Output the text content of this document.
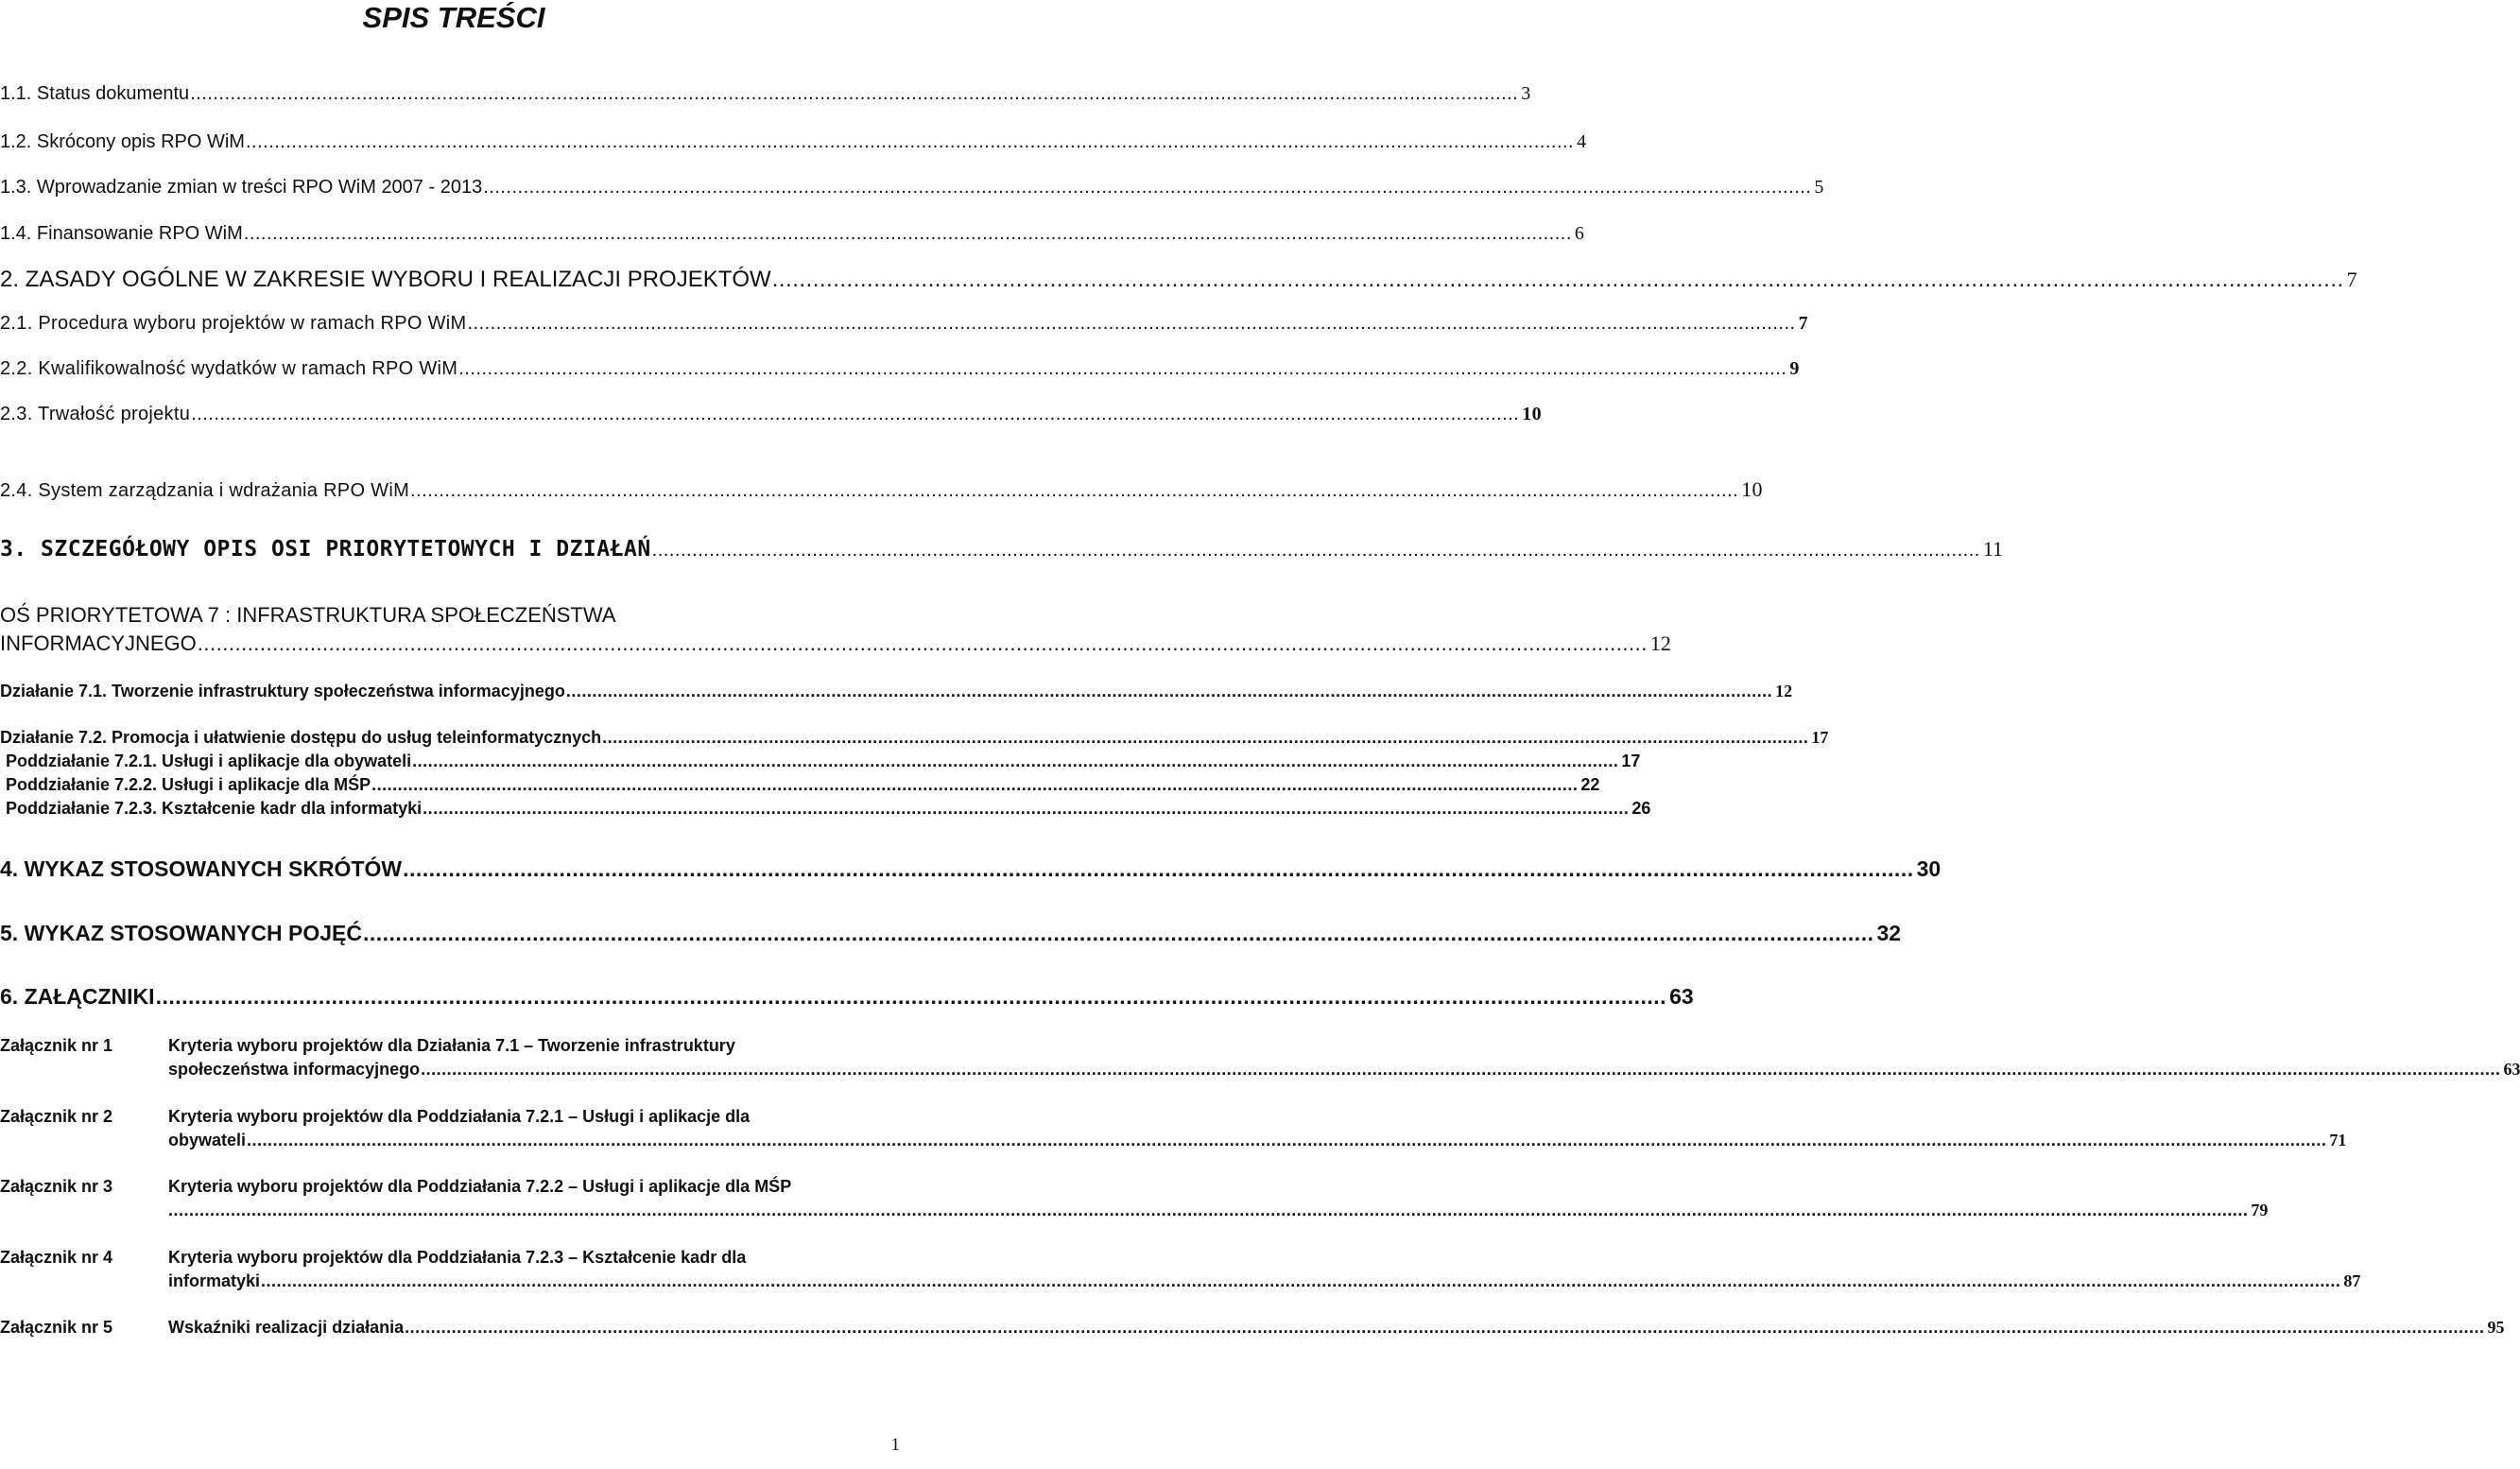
SPIS TREŚCI
1.1. Status dokumentu .....	3
1.2. Skrócony opis RPO WiM .....	4
1.3. Wprowadzanie zmian w treści RPO WiM 2007 - 2013 .....	5
1.4. Finansowanie RPO WiM .....	6
2. ZASADY OGÓLNE W ZAKRESIE WYBORU I REALIZACJI PROJEKTÓW .....	7
2.1. Procedura wyboru projektów w ramach RPO WiM .....	7
2.2. Kwalifikowalność wydatków w ramach RPO WiM .....	9
2.3. Trwałość projektu .....	10
2.4. System zarządzania i wdrażania RPO WiM .....	10
3. SZCZEGÓŁOWY OPIS OSI PRIORYTETOWYCH I DZIAŁAŃ .....	11
OŚ PRIORYTETOWA 7 : INFRASTRUKTURA SPOŁECZEŃSTWA
INFORMACYJNEGO .....	12
Działanie 7.1. Tworzenie infrastruktury społeczeństwa informacyjnego .....	12
Działanie 7.2. Promocja i ułatwienie dostępu do usług teleinformatycznych .....	17
Poddziałanie 7.2.1. Usługi i aplikacje dla obywateli .....	17
Poddziałanie 7.2.2. Usługi i aplikacje dla MŚP .....	22
Poddziałanie 7.2.3. Kształcenie kadr dla informatyki .....	26
4. WYKAZ STOSOWANYCH SKRÓTÓW .....	30
5. WYKAZ STOSOWANYCH POJĘĆ .....	32
6. ZAŁĄCZNIKI .....	63
Załącznik nr 1	Kryteria wyboru projektów dla Działania 7.1 – Tworzenie infrastruktury
społeczeństwa informacyjnego ................................................................................................................................................................................................................................................................................................................................................................................................................ 63
Załącznik nr 2	Kryteria wyboru projektów dla Poddziałania 7.2.1 – Usługi i aplikacje dla
obywateli ................................................................................................................................................................................................................................................................................................................................................................................................................ 71
Załącznik nr 3	Kryteria wyboru projektów dla Poddziałania 7.2.2 – Usługi i aplikacje dla MŚP
................................................................................................................................................................................................................................................................................................................................................................................................................ 79
Załącznik nr 4	Kryteria wyboru projektów dla Poddziałania 7.2.3 – Kształcenie kadr dla
informatyki ................................................................................................................................................................................................................................................................................................................................................................................................................ 87
Załącznik nr 5	Wskaźniki realizacji działania ................................................................................................................................................................................................................................................................................................................................................................................................................ 95
1
